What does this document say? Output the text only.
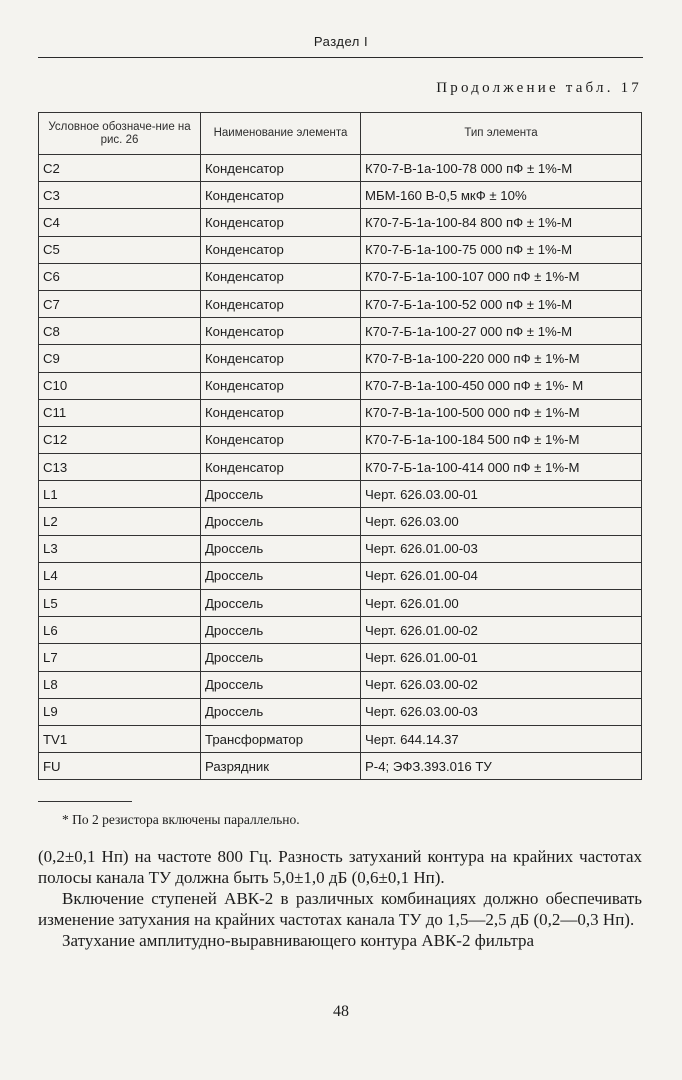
Раздел I
Продолжение табл. 17
Условное обозначе-ние на рис. 26	Наименование элемента	Тип элемента
C2	Конденсатор	К70-7-В-1а-100-78 000 пФ ± 1%-М
C3	Конденсатор	МБМ-160 В-0,5 мкФ ± 10%
C4	Конденсатор	К70-7-Б-1а-100-84 800 пФ ± 1%-М
C5	Конденсатор	К70-7-Б-1а-100-75 000 пФ ± 1%-М
C6	Конденсатор	К70-7-Б-1а-100-107 000 пФ ± 1%-М
C7	Конденсатор	К70-7-Б-1а-100-52 000 пФ ± 1%-М
C8	Конденсатор	К70-7-Б-1а-100-27 000 пФ ± 1%-М
C9	Конденсатор	К70-7-В-1а-100-220 000 пФ ± 1%-М
C10	Конденсатор	К70-7-В-1а-100-450 000 пФ ± 1%- М
C11	Конденсатор	К70-7-В-1а-100-500 000 пФ ± 1%-М
C12	Конденсатор	К70-7-Б-1а-100-184 500 пФ ± 1%-М
C13	Конденсатор	К70-7-Б-1а-100-414 000 пФ ± 1%-М
L1	Дроссель	Черт. 626.03.00-01
L2	Дроссель	Черт. 626.03.00
L3	Дроссель	Черт. 626.01.00-03
L4	Дроссель	Черт. 626.01.00-04
L5	Дроссель	Черт. 626.01.00
L6	Дроссель	Черт. 626.01.00-02
L7	Дроссель	Черт. 626.01.00-01
L8	Дроссель	Черт. 626.03.00-02
L9	Дроссель	Черт. 626.03.00-03
TV1	Трансформатор	Черт. 644.14.37
FU	Разрядник	Р-4; ЭФЗ.393.016 ТУ
* По 2 резистора включены параллельно.

(0,2±0,1 Нп) на частоте 800 Гц. Разность затуханий контура на крайних частотах полосы канала ТУ должна быть 5,0±1,0 дБ (0,6±0,1 Нп).

Включение ступеней АВК-2 в различных комбинациях должно обеспечивать изменение затухания на крайних частотах канала ТУ до 1,5—2,5 дБ (0,2—0,3 Нп).

Затухание амплитудно-выравнивающего контура АВК-2 фильтра

48
